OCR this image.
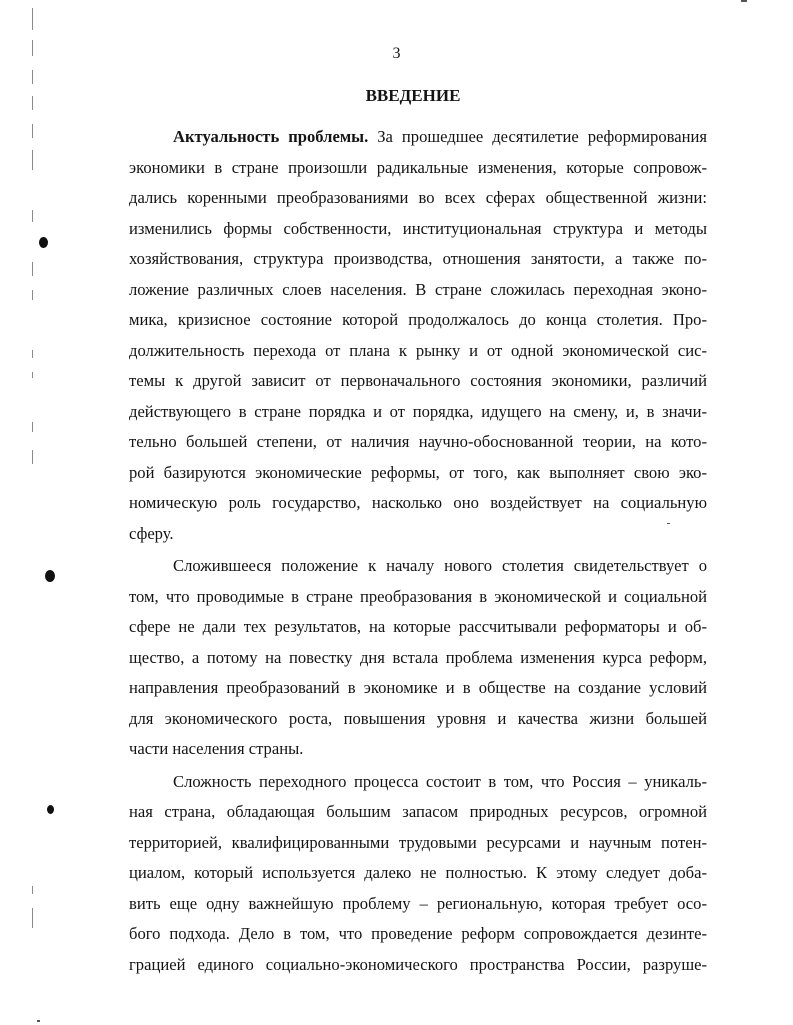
3
ВВЕДЕНИЕ
Актуальность проблемы. За прошедшее десятилетие реформирования
экономики в стране произошли радикальные изменения, которые сопровож-
дались коренными преобразованиями во всех сферах общественной жизни:
изменились формы собственности, институциональная структура и методы
хозяйствования, структура производства, отношения занятости, а также по-
ложение различных слоев населения. В стране сложилась переходная эконо-
мика, кризисное состояние которой продолжалось до конца столетия. Про-
должительность перехода от плана к рынку и от одной экономической сис-
темы к другой зависит от первоначального состояния экономики, различий
действующего в стране порядка и от порядка, идущего на смену, и, в значи-
тельно большей степени, от наличия научно-обоснованной теории, на кото-
рой базируются экономические реформы, от того, как выполняет свою эко-
номическую роль государство, насколько оно воздействует на социальную
сферу.
Сложившееся положение к началу нового столетия свидетельствует о
том, что проводимые в стране преобразования в экономической и социальной
сфере не дали тех результатов, на которые рассчитывали реформаторы и об-
щество, а потому на повестку дня встала проблема изменения курса реформ,
направления преобразований в экономике и в обществе на создание условий
для экономического роста, повышения уровня и качества жизни большей
части населения страны.
Сложность переходного процесса состоит в том, что Россия – уникаль-
ная страна, обладающая большим запасом природных ресурсов, огромной
территорией, квалифицированными трудовыми ресурсами и научным потен-
циалом, который используется далеко не полностью. К этому следует доба-
вить еще одну важнейшую проблему – региональную, которая требует осо-
бого подхода. Дело в том, что проведение реформ сопровождается дезинте-
грацией единого социально-экономического пространства России, разруше-
